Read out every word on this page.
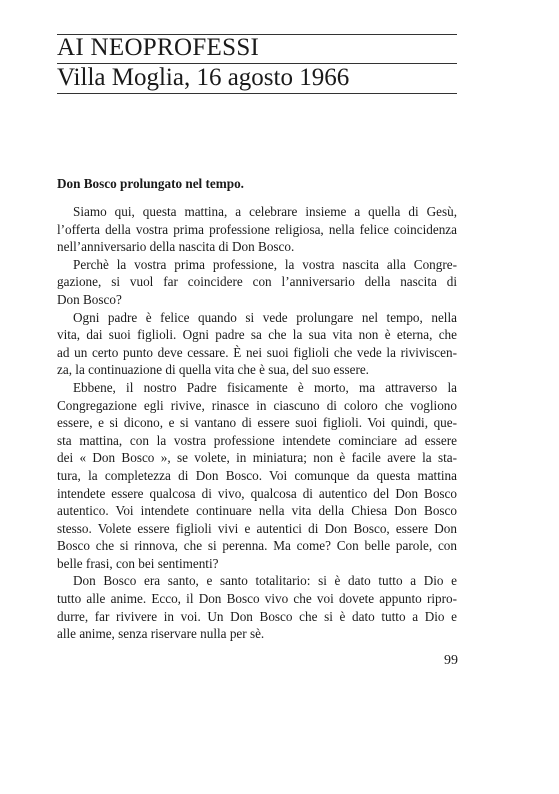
AI NEOPROFESSI
Villa Moglia, 16 agosto 1966
Don Bosco prolungato nel tempo.
Siamo qui, questa mattina, a celebrare insieme a quella di Gesù,
l’offerta della vostra prima professione religiosa, nella felice coincidenza
nell’anniversario della nascita di Don Bosco.
Perchè la vostra prima professione, la vostra nascita alla Congre-
gazione, si vuol far coincidere con l’anniversario della nascita di
Don Bosco?
Ogni padre è felice quando si vede prolungare nel tempo, nella
vita, dai suoi figlioli. Ogni padre sa che la sua vita non è eterna, che
ad un certo punto deve cessare. È nei suoi figlioli che vede la riviviscen-
za, la continuazione di quella vita che è sua, del suo essere.
Ebbene, il nostro Padre fisicamente è morto, ma attraverso la
Congregazione egli rivive, rinasce in ciascuno di coloro che vogliono
essere, e si dicono, e si vantano di essere suoi figlioli. Voi quindi, que-
sta mattina, con la vostra professione intendete cominciare ad essere
dei « Don Bosco », se volete, in miniatura; non è facile avere la sta-
tura, la completezza di Don Bosco. Voi comunque da questa mattina
intendete essere qualcosa di vivo, qualcosa di autentico del Don Bosco
autentico. Voi intendete continuare nella vita della Chiesa Don Bosco
stesso. Volete essere figlioli vivi e autentici di Don Bosco, essere Don
Bosco che si rinnova, che si perenna. Ma come? Con belle parole, con
belle frasi, con bei sentimenti?
Don Bosco era santo, e santo totalitario: si è dato tutto a Dio e
tutto alle anime. Ecco, il Don Bosco vivo che voi dovete appunto ripro-
durre, far rivivere in voi. Un Don Bosco che si è dato tutto a Dio e
alle anime, senza riservare nulla per sè.
99
